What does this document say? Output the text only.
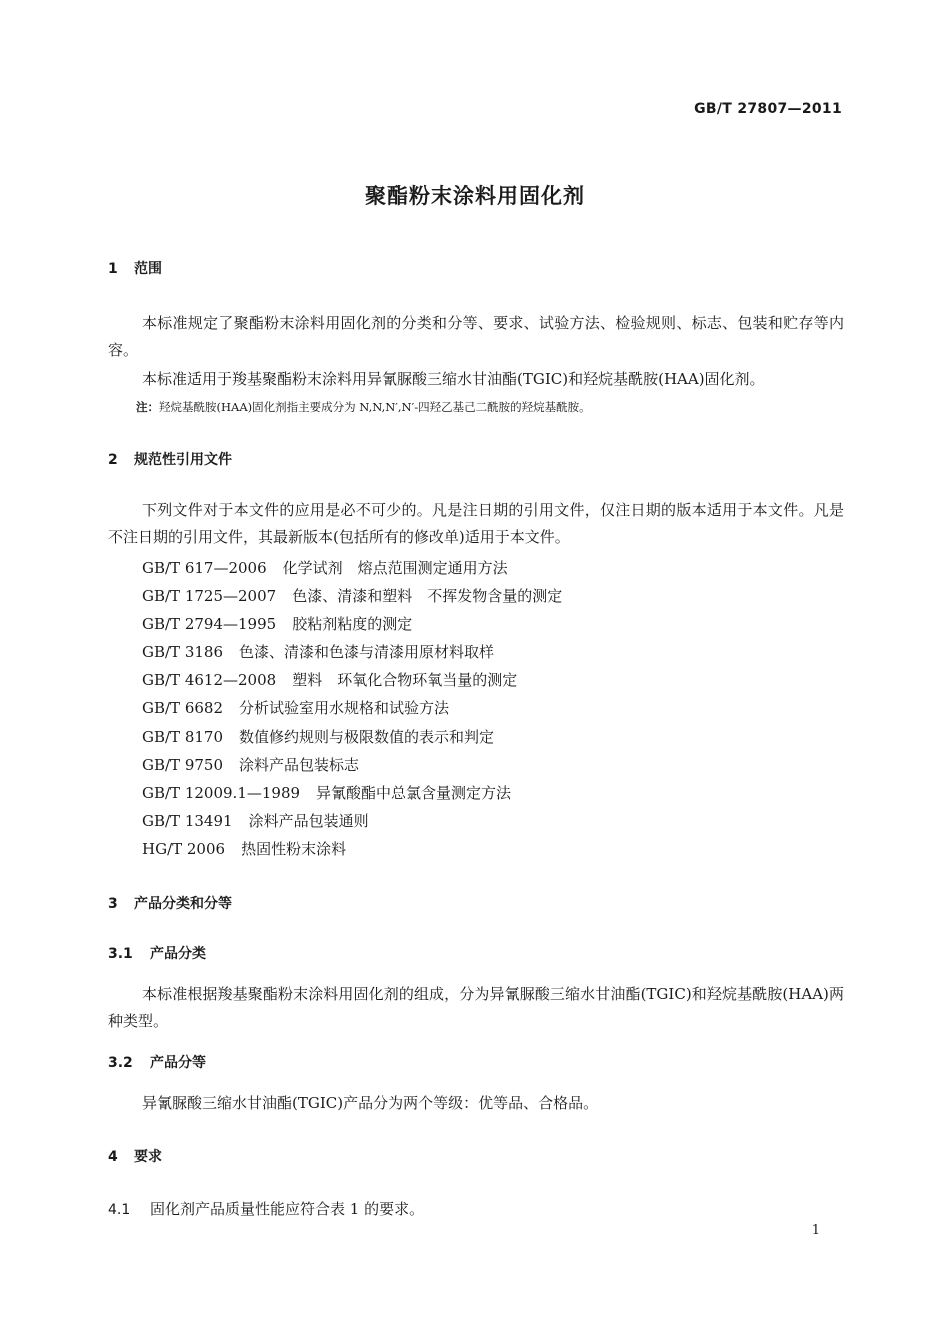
GB/T 27807—2011
聚酯粉末涂料用固化剂
1 范围
本标准规定了聚酯粉末涂料用固化剂的分类和分等、要求、试验方法、检验规则、标志、包装和贮存等内容。
本标准适用于羧基聚酯粉末涂料用异氰脲酸三缩水甘油酯(TGIC)和羟烷基酰胺(HAA)固化剂。
注：羟烷基酰胺(HAA)固化剂指主要成分为 N,N,N′,N′-四羟乙基己二酰胺的羟烷基酰胺。
2 规范性引用文件
下列文件对于本文件的应用是必不可少的。凡是注日期的引用文件，仅注日期的版本适用于本文件。凡是不注日期的引用文件，其最新版本(包括所有的修改单)适用于本文件。
GB/T 617—2006 化学试剂　熔点范围测定通用方法
GB/T 1725—2007 色漆、清漆和塑料　不挥发物含量的测定
GB/T 2794—1995 胶粘剂粘度的测定
GB/T 3186 色漆、清漆和色漆与清漆用原材料取样
GB/T 4612—2008 塑料　环氧化合物环氧当量的测定
GB/T 6682 分析试验室用水规格和试验方法
GB/T 8170 数值修约规则与极限数值的表示和判定
GB/T 9750 涂料产品包装标志
GB/T 12009.1—1989 异氰酸酯中总氯含量测定方法
GB/T 13491 涂料产品包装通则
HG/T 2006 热固性粉末涂料
3 产品分类和分等
3.1 产品分类
本标准根据羧基聚酯粉末涂料用固化剂的组成，分为异氰脲酸三缩水甘油酯(TGIC)和羟烷基酰胺(HAA)两种类型。
3.2 产品分等
异氰脲酸三缩水甘油酯(TGIC)产品分为两个等级：优等品、合格品。
4 要求
4.1 固化剂产品质量性能应符合表 1 的要求。
1
